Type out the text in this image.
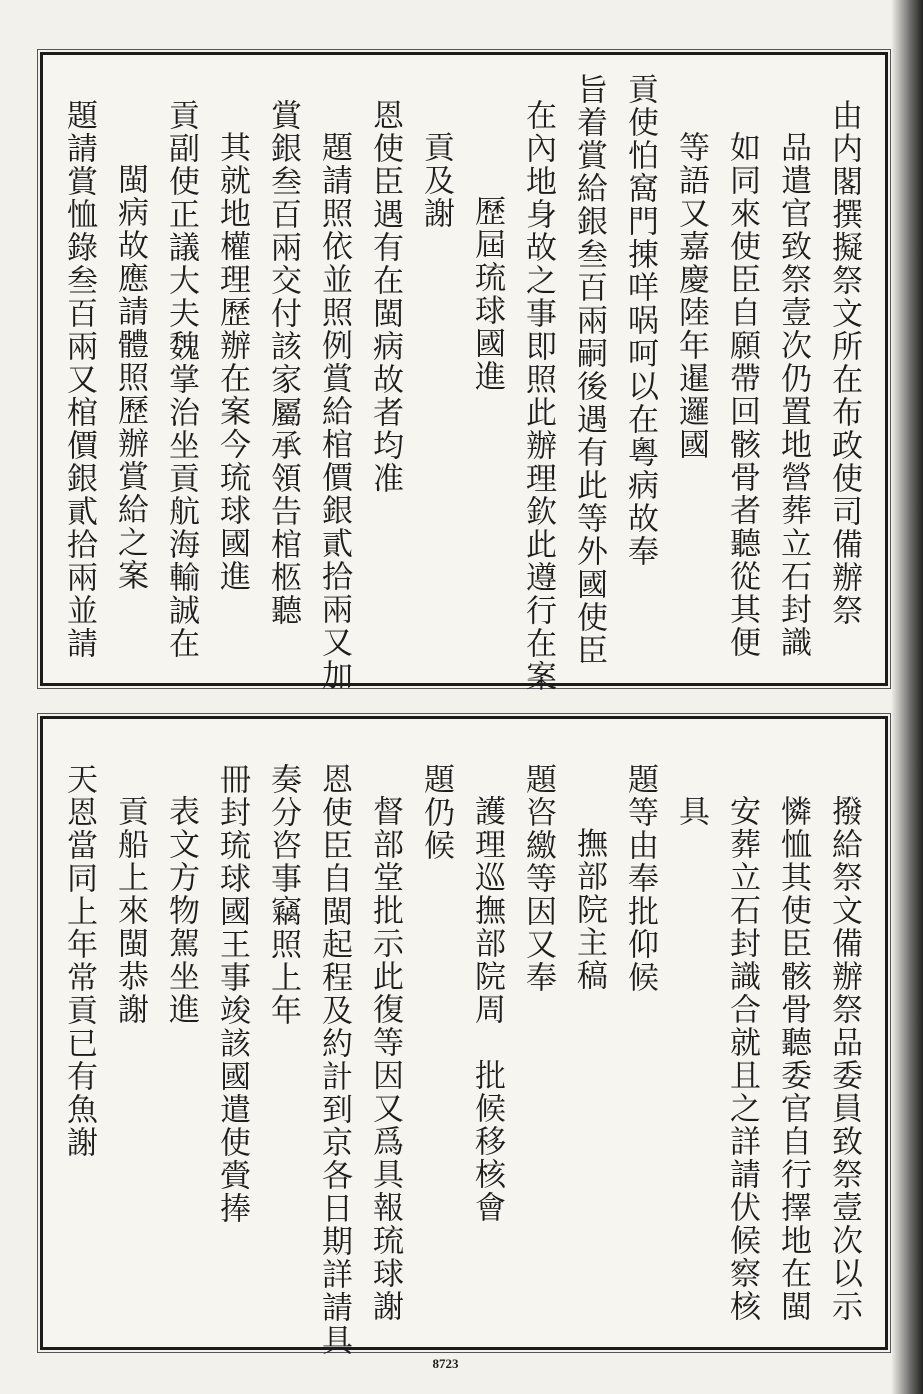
由内閣撰擬祭文所在布政使司備辦祭
品遣官致祭壹次仍置地營葬立石封識
如同來使臣自願帶回骸骨者聽從其便
等語又嘉慶陸年暹邏國
貢使怕窩門㨂咩㖞呵以在粵病故奉
旨着賞給銀叁百兩嗣後遇有此等外國使臣
在內地身故之事即照此辦理欽此遵行在案
歷屆琉球國進
貢及謝
恩使臣遇有在閩病故者均准
題請照依並照例賞給棺價銀貳拾兩又加
賞銀叁百兩交付該家屬承領告棺柩聽
其就地權理歷辦在案今琉球國進
貢副使正議大夫魏掌治坐貢航海輸誠在
閩病故應請體照歷辦賞給之案
題請賞恤錄叁百兩又棺價銀貳拾兩並請
撥給祭文備辦祭品委員致祭壹次以示
憐恤其使臣骸骨聽委官自行擇地在閩
安葬立石封識合就且之詳請伏候察核
具
題等由奉批仰候
撫部院主稿
題咨繳等因又奉
護理巡撫部院周　批候移核會
題仍候
督部堂批示此復等因又爲具報琉球謝
恩使臣自閩起程及約計到京各日期詳請具
奏分咨事竊照上年
冊封琉球國王事竣該國遣使賫捧
表文方物駕坐進
貢船上來閩恭謝
天恩當同上年常貢已有魚謝
8723
